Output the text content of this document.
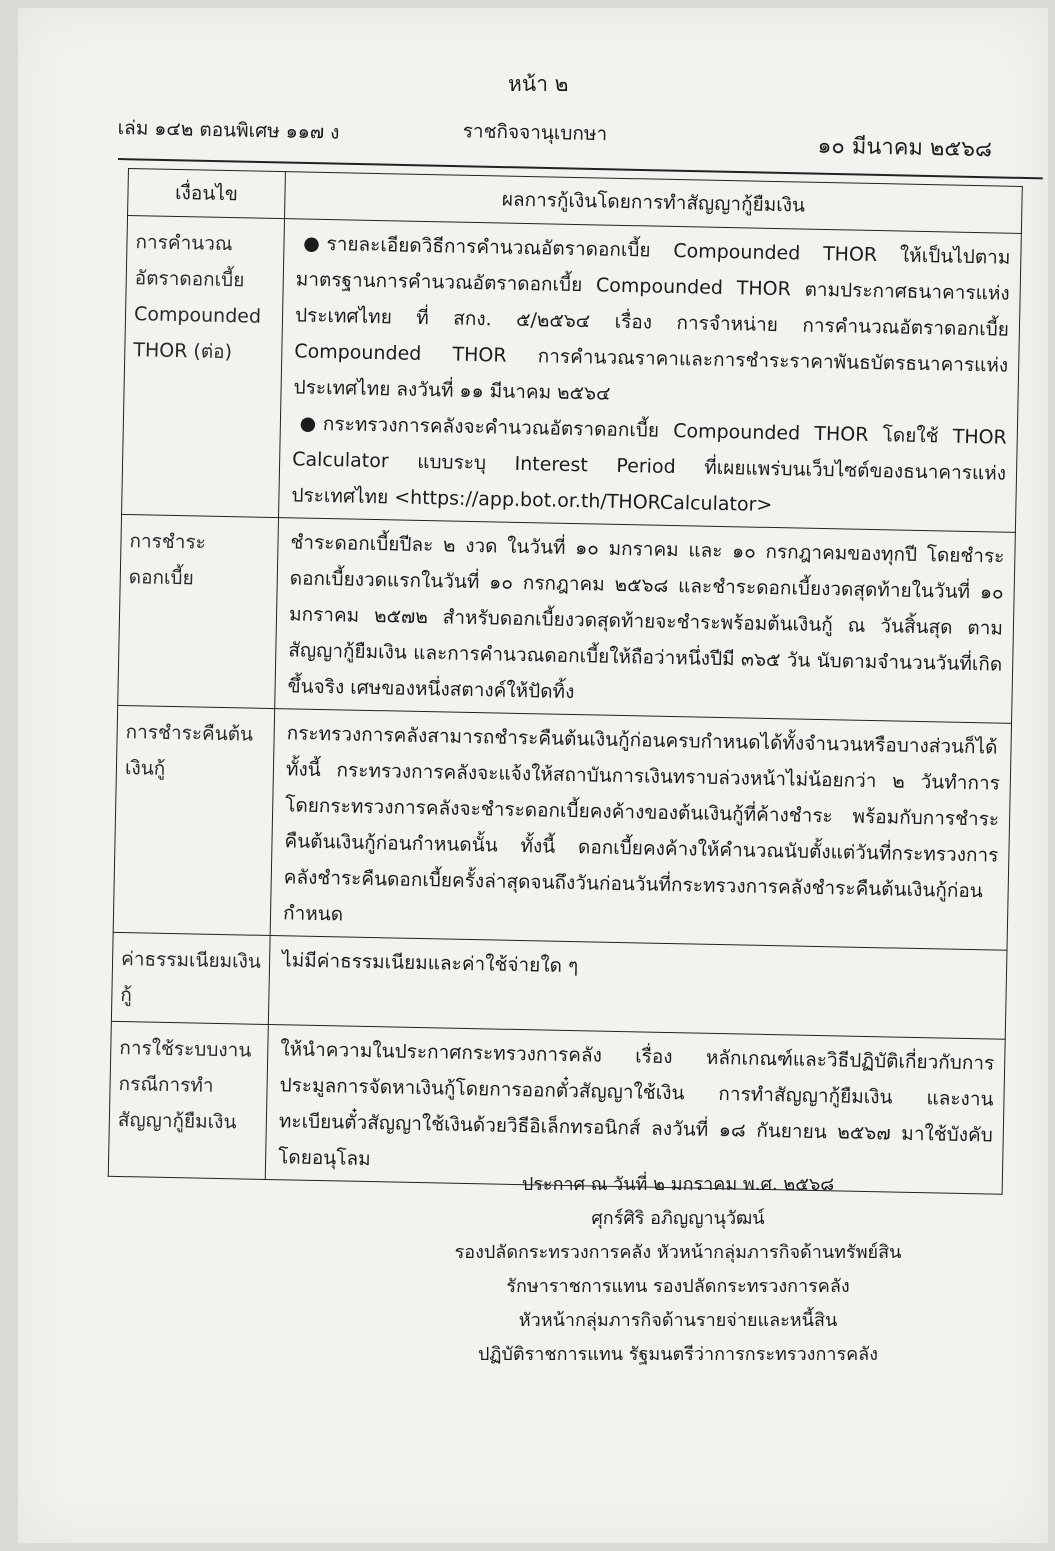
หน้า ๒
เล่ม ๑๔๒ ตอนพิเศษ ๑๑๗ ง	ราชกิจจานุเบกษา
๑๐ มีนาคม ๒๕๖๘
เงื่อนไข	ผลการกู้เงินโดยการทำสัญญากู้ยืมเงิน
การคำนวณอัตราดอกเบี้ย Compounded THOR (ต่อ)	● รายละเอียดวิธีการคำนวณอัตราดอกเบี้ย Compounded THOR ให้เป็นไปตามมาตรฐานการคำนวณอัตราดอกเบี้ย Compounded THOR ตามประกาศธนาคารแห่งประเทศไทย ที่ สกง. ๕/๒๕๖๔ เรื่อง การจำหน่าย การคำนวณอัตราดอกเบี้ย Compounded THOR การคำนวณราคาและการชำระราคาพันธบัตรธนาคารแห่งประเทศไทย ลงวันที่ ๑๑ มีนาคม ๒๕๖๔

● กระทรวงการคลังจะคำนวณอัตราดอกเบี้ย Compounded THOR โดยใช้ THOR Calculator แบบระบุ Interest Period ที่เผยแพร่บนเว็บไซต์ของธนาคารแห่งประเทศไทย <https://app.bot.or.th/THORCalculator>

การชำระดอกเบี้ย	ชำระดอกเบี้ยปีละ ๒ งวด ในวันที่ ๑๐ มกราคม และ ๑๐ กรกฎาคมของทุกปี โดยชำระดอกเบี้ยงวดแรกในวันที่ ๑๐ กรกฎาคม ๒๕๖๘ และชำระดอกเบี้ยงวดสุดท้ายในวันที่ ๑๐ มกราคม ๒๕๗๒ สำหรับดอกเบี้ยงวดสุดท้ายจะชำระพร้อมต้นเงินกู้ ณ วันสิ้นสุด ตามสัญญากู้ยืมเงิน และการคำนวณดอกเบี้ยให้ถือว่าหนึ่งปีมี ๓๖๕ วัน นับตามจำนวนวันที่เกิดขึ้นจริง เศษของหนึ่งสตางค์ให้ปัดทิ้ง
การชำระคืนต้นเงินกู้	กระทรวงการคลังสามารถชำระคืนต้นเงินกู้ก่อนครบกำหนดได้ทั้งจำนวนหรือบางส่วนก็ได้ ทั้งนี้ กระทรวงการคลังจะแจ้งให้สถาบันการเงินทราบล่วงหน้าไม่น้อยกว่า ๒ วันทำการ โดยกระทรวงการคลังจะชำระดอกเบี้ยคงค้างของต้นเงินกู้ที่ค้างชำระ พร้อมกับการชำระคืนต้นเงินกู้ก่อนกำหนดนั้น ทั้งนี้ ดอกเบี้ยคงค้างให้คำนวณนับตั้งแต่วันที่กระทรวงการคลังชำระคืนดอกเบี้ยครั้งล่าสุดจนถึงวันก่อนวันที่กระทรวงการคลังชำระคืนต้นเงินกู้ก่อนกำหนด
ค่าธรรมเนียมเงินกู้	ไม่มีค่าธรรมเนียมและค่าใช้จ่ายใด ๆ
การใช้ระบบงานกรณีการทำสัญญากู้ยืมเงิน	ให้นำความในประกาศกระทรวงการคลัง เรื่อง หลักเกณฑ์และวิธีปฏิบัติเกี่ยวกับการประมูลการจัดหาเงินกู้โดยการออกตั๋วสัญญาใช้เงิน การทำสัญญากู้ยืมเงิน และงานทะเบียนตั๋วสัญญาใช้เงินด้วยวิธีอิเล็กทรอนิกส์ ลงวันที่ ๑๘ กันยายน ๒๕๖๗ มาใช้บังคับโดยอนุโลม
ประกาศ ณ วันที่ ๒ มกราคม พ.ศ. ๒๕๖๘
ศุกร์ศิริ อภิญญานุวัฒน์
รองปลัดกระทรวงการคลัง หัวหน้ากลุ่มภารกิจด้านทรัพย์สิน
รักษาราชการแทน รองปลัดกระทรวงการคลัง
หัวหน้ากลุ่มภารกิจด้านรายจ่ายและหนี้สิน
ปฏิบัติราชการแทน รัฐมนตรีว่าการกระทรวงการคลัง
